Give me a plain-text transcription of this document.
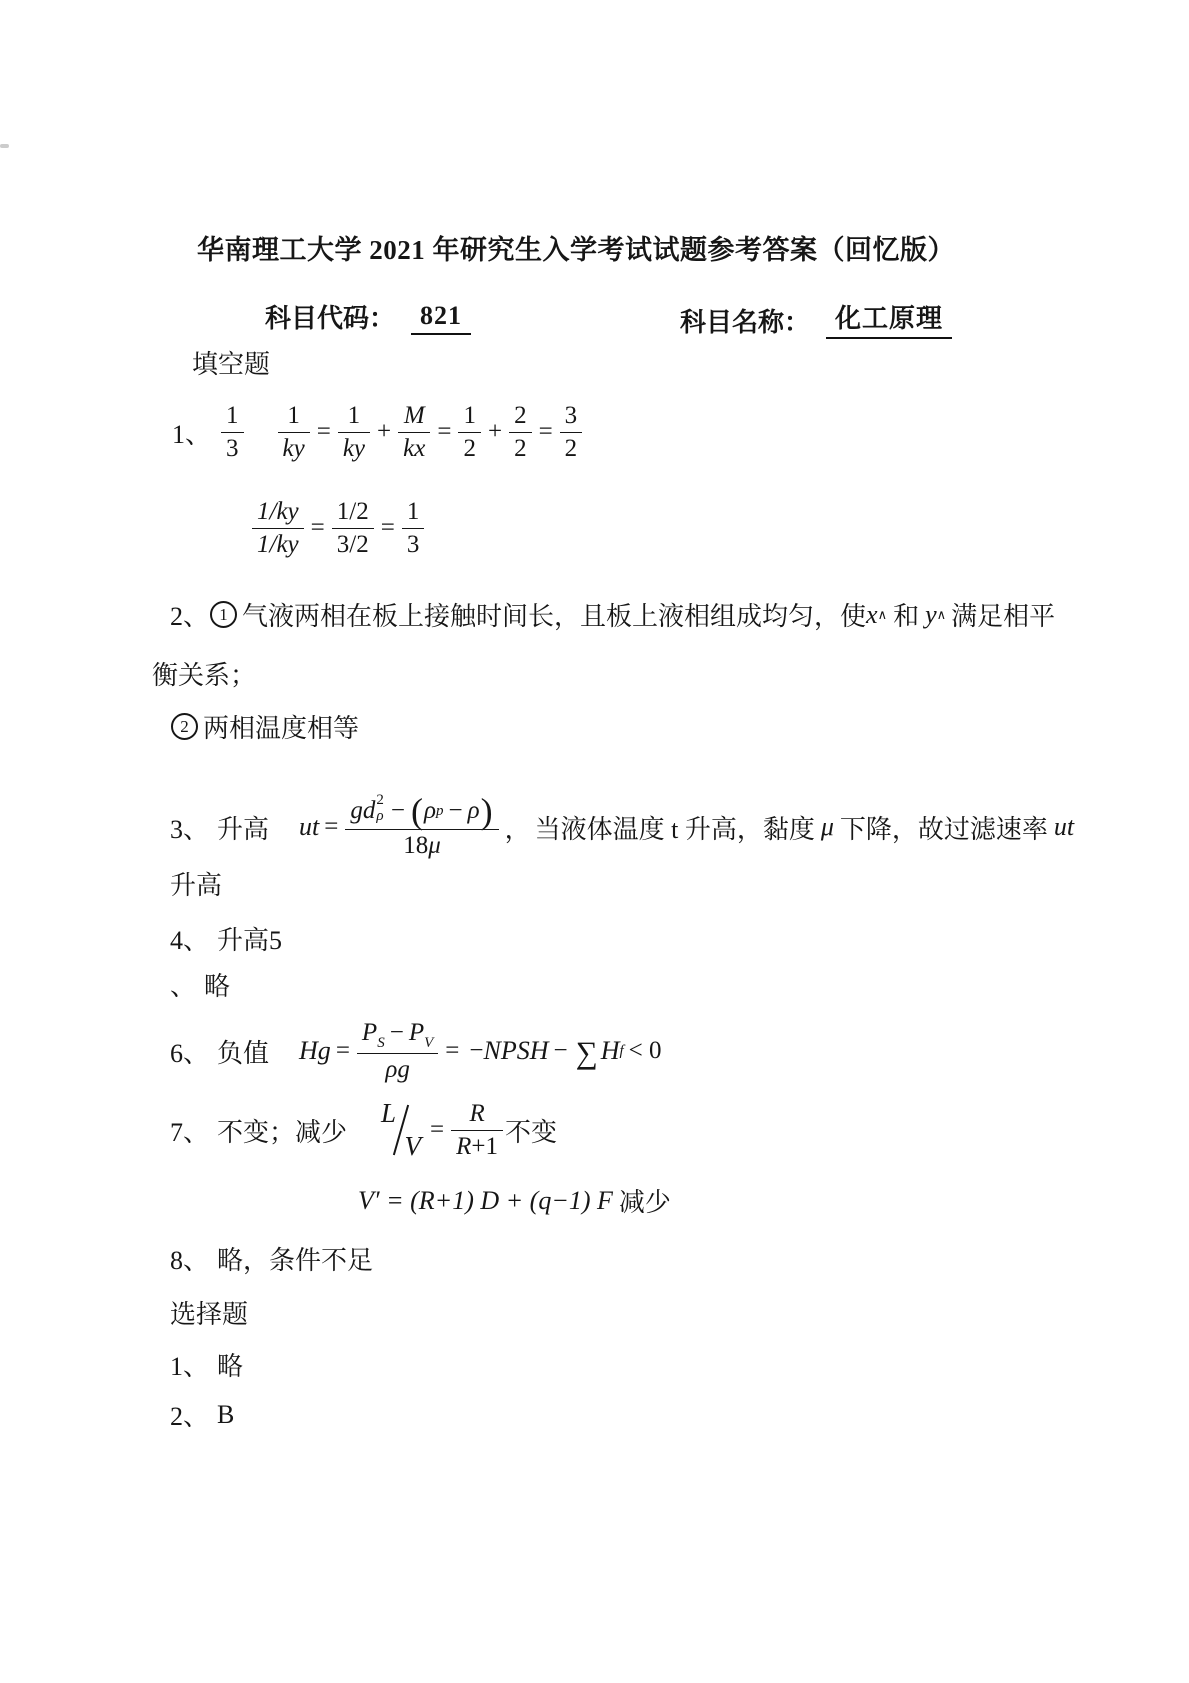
华南理工大学 2021 年研究生入学考试试题参考答案（回忆版）
科目代码： 821	科目名称： 化工原理
填空题
1、 $\frac{1}{3} \frac{1}{ky} = \frac{1}{ky} + \frac{M}{kx} = \frac{1}{2} + \frac{2}{2} = \frac{3}{2}$
$\frac{1/ky}{1/ky} = \frac{1/2}{3/2} = \frac{1}{3}$
2、 1 气液两相在板上接触时间长，且板上液相组成均匀，使 x ∧ 和 y ∧ 满足相平
衡关系；
2 两相温度相等
3、 升高 ut = gd 2
ρ − ( ρ p − ρ )
18μ ， 当液体温度 t 升高，黏度 μ 下降，故过滤速率 ut
升高
4、 升高5
、 略
6、 负值 $Hg = \frac{P_S - P_V}{\rho g}$ = − NPSH − ∑ H f < 0
7、 不变；减少
L
V
= $\frac{R}{R+1}$ 不变
V′ = (R+1) D + (q−1) F 减少
8、 略，条件不足
选择题
1、 略
2、 B
